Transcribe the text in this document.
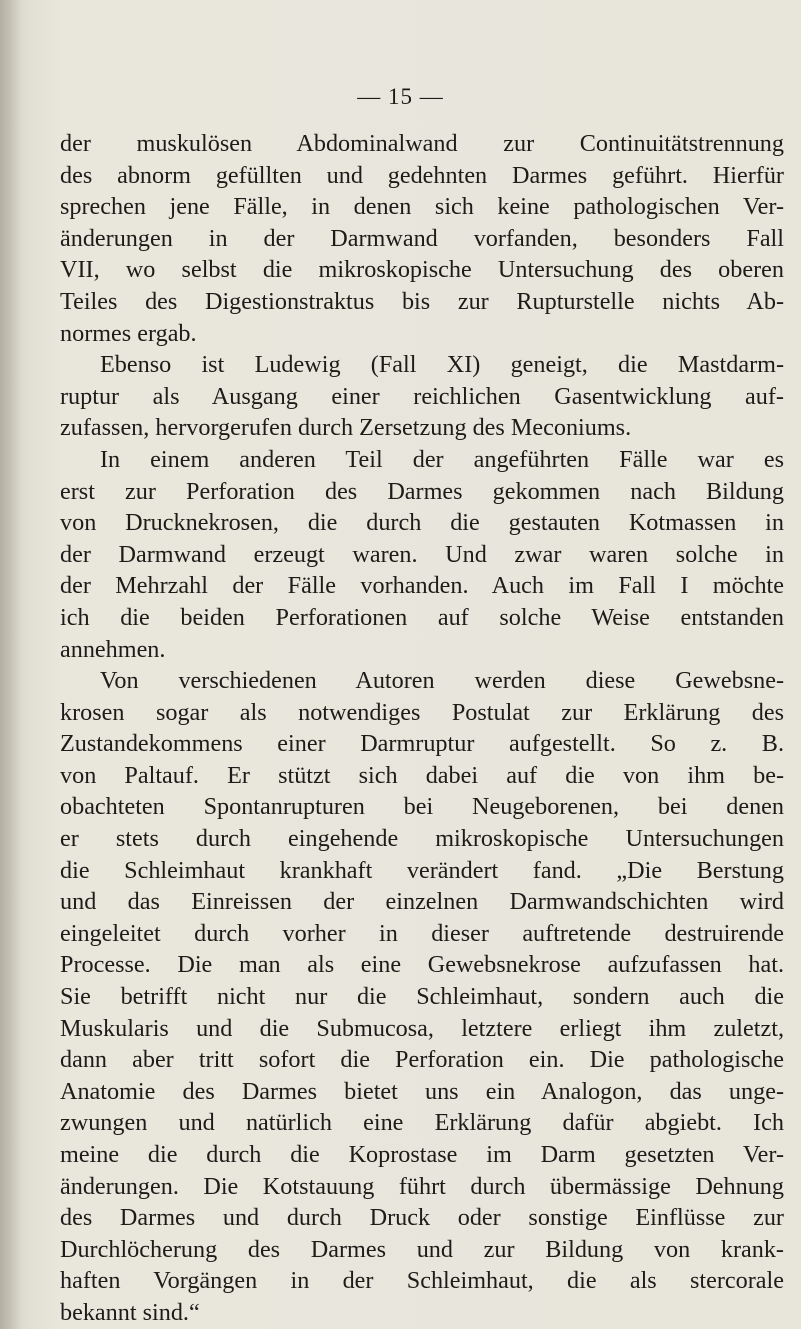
— 15 —
der muskulösen Abdominalwand zur Continuitätstrennung
des abnorm gefüllten und gedehnten Darmes geführt. Hierfür
sprechen jene Fälle, in denen sich keine pathologischen Ver-
änderungen in der Darmwand vorfanden, besonders Fall
VII, wo selbst die mikroskopische Untersuchung des oberen
Teiles des Digestionstraktus bis zur Rupturstelle nichts Ab-
normes ergab.
Ebenso ist Ludewig (Fall XI) geneigt, die Mastdarm-
ruptur als Ausgang einer reichlichen Gasentwicklung auf-
zufassen, hervorgerufen durch Zersetzung des Meconiums.
In einem anderen Teil der angeführten Fälle war es
erst zur Perforation des Darmes gekommen nach Bildung
von Drucknekrosen, die durch die gestauten Kotmassen in
der Darmwand erzeugt waren. Und zwar waren solche in
der Mehrzahl der Fälle vorhanden. Auch im Fall I möchte
ich die beiden Perforationen auf solche Weise entstanden
annehmen.
Von verschiedenen Autoren werden diese Gewebsne-
krosen sogar als notwendiges Postulat zur Erklärung des
Zustandekommens einer Darmruptur aufgestellt. So z. B.
von Paltauf. Er stützt sich dabei auf die von ihm be-
obachteten Spontanrupturen bei Neugeborenen, bei denen
er stets durch eingehende mikroskopische Untersuchungen
die Schleimhaut krankhaft verändert fand. „Die Berstung
und das Einreissen der einzelnen Darmwandschichten wird
eingeleitet durch vorher in dieser auftretende destruirende
Processe. Die man als eine Gewebsnekrose aufzufassen hat.
Sie betrifft nicht nur die Schleimhaut, sondern auch die
Muskularis und die Submucosa, letztere erliegt ihm zuletzt,
dann aber tritt sofort die Perforation ein. Die pathologische
Anatomie des Darmes bietet uns ein Analogon, das unge-
zwungen und natürlich eine Erklärung dafür abgiebt. Ich
meine die durch die Koprostase im Darm gesetzten Ver-
änderungen. Die Kotstauung führt durch übermässige Dehnung
des Darmes und durch Druck oder sonstige Einflüsse zur
Durchlöcherung des Darmes und zur Bildung von krank-
haften Vorgängen in der Schleimhaut, die als stercorale
bekannt sind.“
